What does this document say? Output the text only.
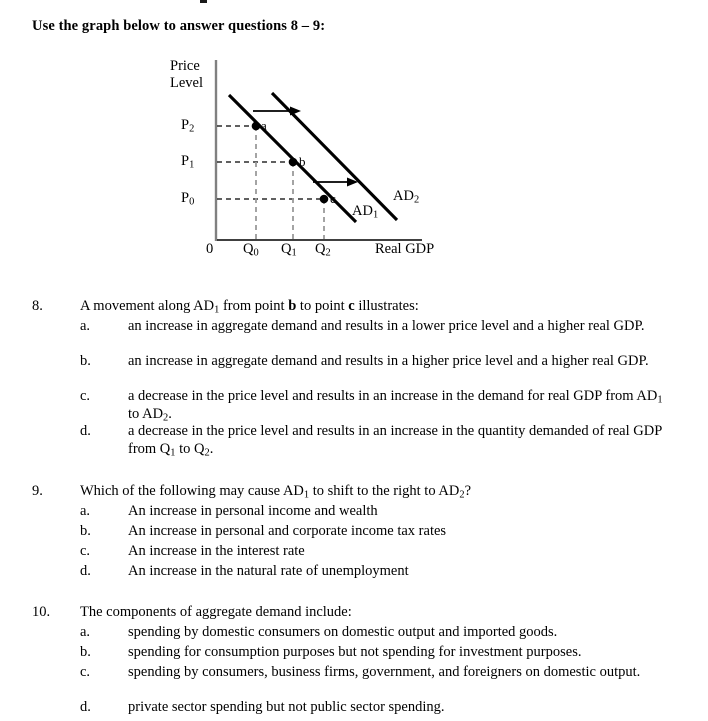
Use the graph below to answer questions 8 – 9:
Price
Level
$P_2$
$P_1$
$P_0$
0 $Q_0$ $Q_1$ $Q_2$	Real GDP
a
b
c
$AD_1$
$AD_2$
8.	A movement along $AD_1$ from point b to point c illustrates:
a.	an increase in aggregate demand and results in a lower price level and a higher real GDP.
b.	an increase in aggregate demand and results in a higher price level and a higher real GDP.
c.	a decrease in the price level and results in an increase in the demand for real GDP from $AD_1$ to $AD_2$.
d.	a decrease in the price level and results in an increase in the quantity demanded of real GDP from $Q_1$ to $Q_2$.
9.	Which of the following may cause $AD_1$ to shift to the right to $AD_2$?
a.	An increase in personal income and wealth
b.	An increase in personal and corporate income tax rates
c.	An increase in the interest rate
d.	An increase in the natural rate of unemployment
10. The components of aggregate demand include:
a.	spending by domestic consumers on domestic output and imported goods.
b.	spending for consumption purposes but not spending for investment purposes.
c.	spending by consumers, business firms, government, and foreigners on domestic output.
d.	private sector spending but not public sector spending.
